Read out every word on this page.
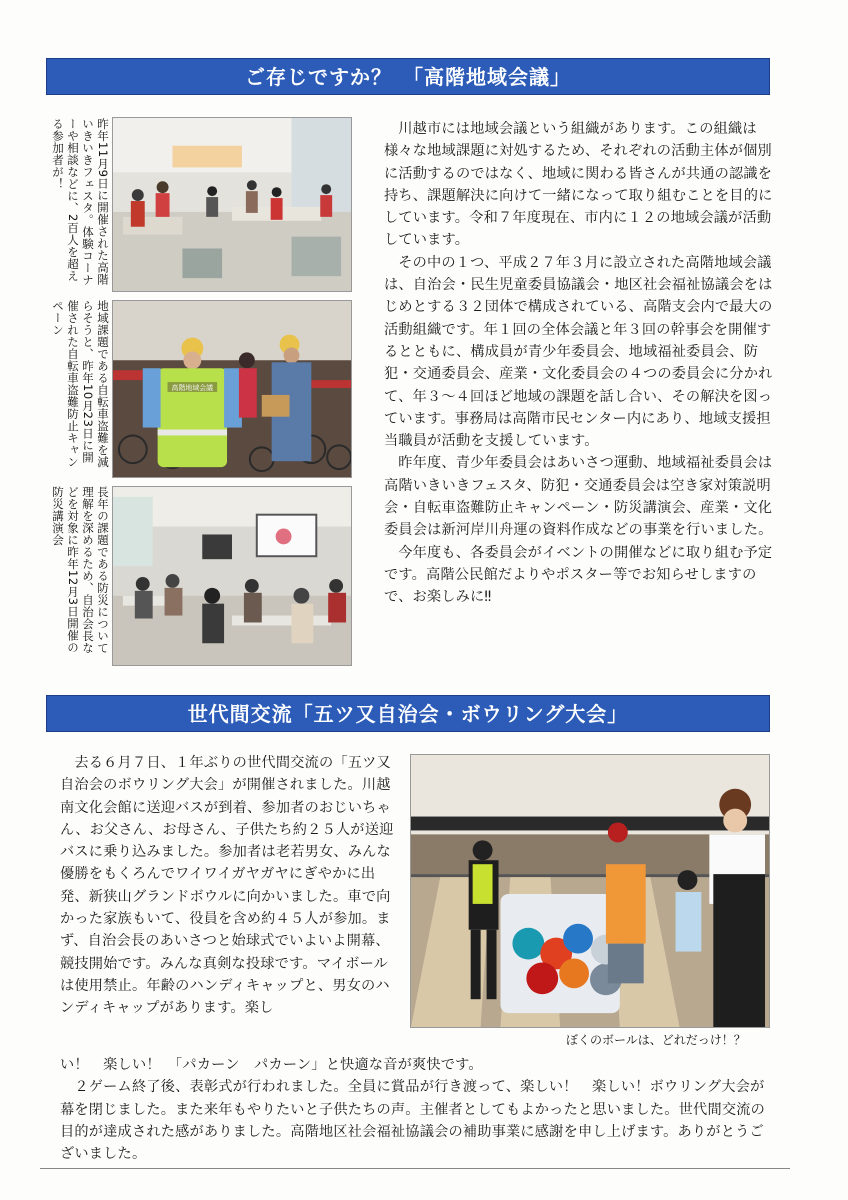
ご存じですか？　「高階地域会議」
昨年11月9日に開催された高階いきいきフェスタ。体験コーナーや相談などに、2百人を超える参加者が！
地域課題である自転車盗難を減らそうと、昨年10月23日に開催された自転車盗難防止キャンペーン
長年の課題である防災について理解を深めるため、自治会長などを対象に昨年12月3日開催の防災講演会
高階地域会議

川越市には地域会議という組織があります。この組織は様々な地域課題に対処するため、それぞれの活動主体が個別に活動するのではなく、地域に関わる皆さんが共通の認識を持ち、課題解決に向けて一緒になって取り組むことを目的にしています。令和７年度現在、市内に１２の地域会議が活動しています。

その中の１つ、平成２７年３月に設立された高階地域会議は、自治会・民生児童委員協議会・地区社会福祉協議会をはじめとする３２団体で構成されている、高階支会内で最大の活動組織です。年１回の全体会議と年３回の幹事会を開催するとともに、構成員が青少年委員会、地域福祉委員会、防犯・交通委員会、産業・文化委員会の４つの委員会に分かれて、年３～４回ほど地域の課題を話し合い、その解決を図っています。事務局は高階市民センター内にあり、地域支援担当職員が活動を支援しています。

昨年度、青少年委員会はあいさつ運動、地域福祉委員会は高階いきいきフェスタ、防犯・交通委員会は空き家対策説明会・自転車盗難防止キャンペーン・防災講演会、産業・文化委員会は新河岸川舟運の資料作成などの事業を行いました。

今年度も、各委員会がイベントの開催などに取り組む予定です。高階公民館だよりやポスター等でお知らせしますので、お楽しみに‼

世代間交流「五ツ又自治会・ボウリング大会」

　去る６月７日、１年ぶりの世代間交流の「五ツ又自治会のボウリング大会」が開催されました。川越南文化会館に送迎バスが到着、参加者のおじいちゃん、お父さん、お母さん、子供たち約２５人が送迎バスに乗り込みました。参加者は老若男女、みんな優勝をもくろんでワイワイガヤガヤにぎやかに出発、新狭山グランドボウルに向かいました。車で向かった家族もいて、役員を含め約４５人が参加。まず、自治会長のあいさつと始球式でいよいよ開幕、競技開始です。みんな真剣な投球です。マイボールは使用禁止。年齢のハンディキャップと、男女のハンディキャップがあります。楽し

ぼくのボールは、どれだっけ！？

い！　楽しい！　「パカーン　パカーン」と快適な音が爽快です。

　２ゲーム終了後、表彰式が行われました。全員に賞品が行き渡って、楽しい！　楽しい！ボウリング大会が幕を閉じました。また来年もやりたいと子供たちの声。主催者としてもよかったと思いました。世代間交流の目的が達成された感がありました。高階地区社会福祉協議会の補助事業に感謝を申し上げます。ありがとうございました。
